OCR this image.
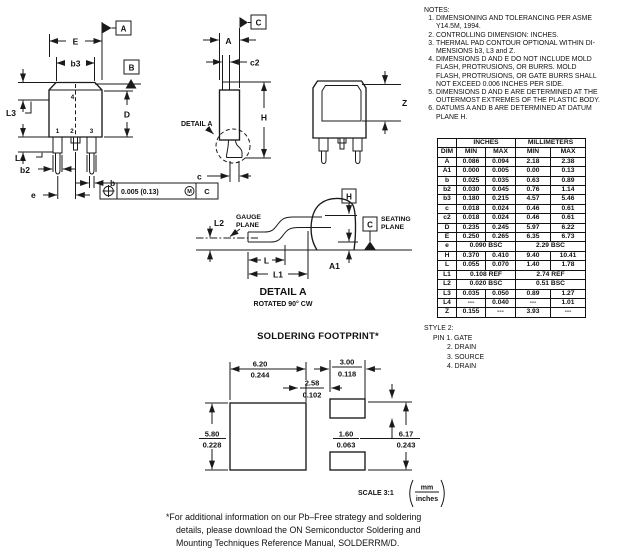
1 2	3
4
E
b3
A
B
D
L3
L4
b2
e
b
0.005 (0.13)	M C
DETAIL A
A
c2
C
H
c
Z
H
C
SEATING
PLANE
GAUGE
PLANE
L2
A1
L
L1
DETAIL A
ROTATED 90° CW
6.20
0.244
3.00
0.118
2.58
0.102
5.80
0.228
1.60
0.063
6.17
0.243
SCALE 3:1
mm
inches
NOTES:
1. DIMENSIONING AND TOLERANCING PER ASME
Y14.5M, 1994.
2. CONTROLLING DIMENSION: INCHES.
3. THERMAL PAD CONTOUR OPTIONAL WITHIN DI-
MENSIONS b3, L3 and Z.
4. DIMENSIONS D AND E DO NOT INCLUDE MOLD
FLASH, PROTRUSIONS, OR BURRS. MOLD
FLASH, PROTRUSIONS, OR GATE BURRS SHALL
NOT EXCEED 0.006 INCHES PER SIDE.
5. DIMENSIONS D AND E ARE DETERMINED AT THE
OUTERMOST EXTREMES OF THE PLASTIC BODY.
6. DATUMS A AND B ARE DETERMINED AT DATUM
PLANE H.
	INCHES		MILLIMETERS	
DIM	MIN	MAX	MIN	MAX
A	0.086	0.094	2.18	2.38
A1	0.000	0.005	0.00	0.13
b	0.025	0.035	0.63	0.89
b2	0.030	0.045	0.76	1.14
b3	0.180	0.215	4.57	5.46
c	0.018	0.024	0.46	0.61
c2	0.018	0.024	0.46	0.61
D	0.235	0.245	5.97	6.22
E	0.250	0.265	6.35	6.73
e	0.090 BSC		2.29 BSC	
H	0.370	0.410	9.40	10.41
L	0.055	0.070	1.40	1.78
L1	0.108 REF		2.74 REF	
L2	0.020 BSC		0.51 BSC	
L3	0.035	0.050	0.89	1.27
L4	---	0.040	---	1.01
Z	0.155	---	3.93	---
STYLE 2:
PIN 1. GATE
2. DRAIN
3. SOURCE
4. DRAIN
SOLDERING FOOTPRINT*
*For additional information on our Pb–Free strategy and soldering
details, please download the ON Semiconductor Soldering and
Mounting Techniques Reference Manual, SOLDERRM/D.
